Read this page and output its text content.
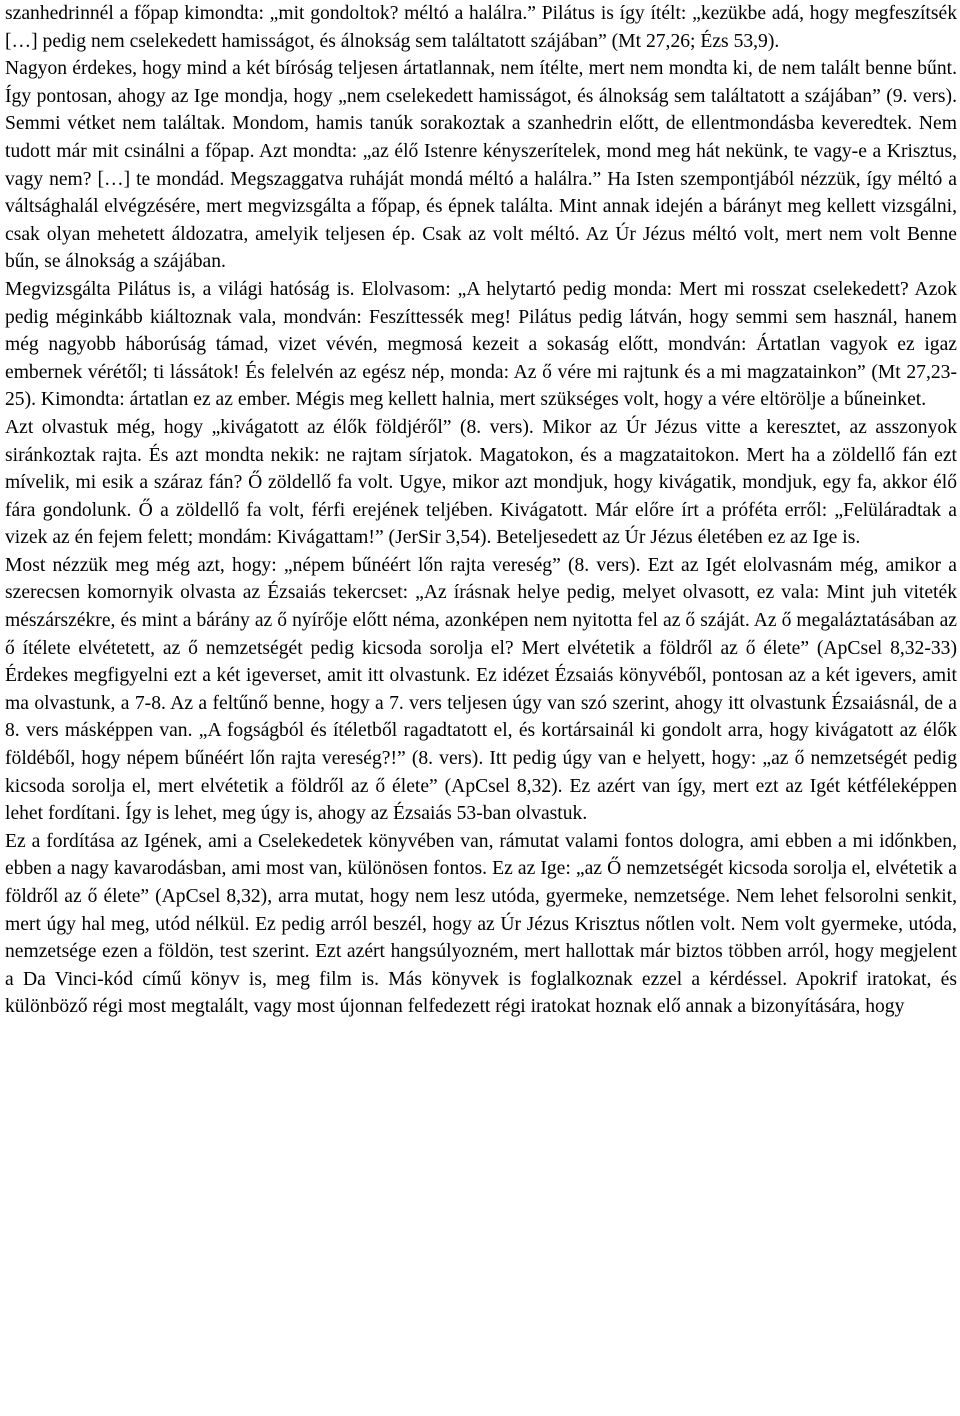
szanhedrinnél a főpap kimondta: „mit gondoltok? méltó a halálra.” Pilátus is így ítélt: „kezükbe adá, hogy megfeszítsék […] pedig nem cselekedett hamisságot, és álnokság sem találtatott szájában” (Mt 27,26; Ézs 53,9).

Nagyon érdekes, hogy mind a két bíróság teljesen ártatlannak, nem ítélte, mert nem mondta ki, de nem talált benne bűnt. Így pontosan, ahogy az Ige mondja, hogy „nem cselekedett hamisságot, és álnokság sem találtatott a szájában” (9. vers). Semmi vétket nem találtak. Mondom, hamis tanúk sorakoztak a szanhedrin előtt, de ellentmondásba keveredtek. Nem tudott már mit csinálni a főpap. Azt mondta: „az élő Istenre kényszerítelek, mond meg hát nekünk, te vagy-e a Krisztus, vagy nem? […] te mondád. Megszaggatva ruháját mondá méltó a halálra.” Ha Isten szempontjából nézzük, így méltó a váltsághalál elvégzésére, mert megvizsgálta a főpap, és épnek találta. Mint annak idején a bárányt meg kellett vizsgálni, csak olyan mehetett áldozatra, amelyik teljesen ép. Csak az volt méltó. Az Úr Jézus méltó volt, mert nem volt Benne bűn, se álnokság a szájában.

Megvizsgálta Pilátus is, a világi hatóság is. Elolvasom: „A helytartó pedig monda: Mert mi rosszat cselekedett? Azok pedig méginkább kiáltoznak vala, mondván: Feszíttessék meg! Pilátus pedig látván, hogy semmi sem használ, hanem még nagyobb háborúság támad, vizet vévén, megmosá kezeit a sokaság előtt, mondván: Ártatlan vagyok ez igaz embernek vérétől; ti lássátok! És felelvén az egész nép, monda: Az ő vére mi rajtunk és a mi magzatainkon” (Mt 27,23-25). Kimondta: ártatlan ez az ember. Mégis meg kellett halnia, mert szükséges volt, hogy a vére eltörölje a bűneinket.

Azt olvastuk még, hogy „kivágatott az élők földjéről” (8. vers). Mikor az Úr Jézus vitte a keresztet, az asszonyok siránkoztak rajta. És azt mondta nekik: ne rajtam sírjatok. Magatokon, és a magzataitokon. Mert ha a zöldellő fán ezt mívelik, mi esik a száraz fán? Ő zöldellő fa volt. Ugye, mikor azt mondjuk, hogy kivágatik, mondjuk, egy fa, akkor élő fára gondolunk. Ő a zöldellő fa volt, férfi erejének teljében. Kivágatott. Már előre írt a próféta erről: „Felüláradtak a vizek az én fejem felett; mondám: Kivágattam!” (JerSir 3,54). Beteljesedett az Úr Jézus életében ez az Ige is.

Most nézzük meg még azt, hogy: „népem bűnéért lőn rajta vereség” (8. vers). Ezt az Igét elolvasnám még, amikor a szerecsen komornyik olvasta az Ézsaiás tekercset: „Az írásnak helye pedig, melyet olvasott, ez vala: Mint juh viteték mészárszékre, és mint a bárány az ő nyírője előtt néma, azonképen nem nyitotta fel az ő száját. Az ő megaláztatásában az ő ítélete elvétetett, az ő nemzetségét pedig kicsoda sorolja el? Mert elvétetik a földről az ő élete” (ApCsel 8,32-33) Érdekes megfigyelni ezt a két igeverset, amit itt olvastunk. Ez idézet Ézsaiás könyvéből, pontosan az a két igevers, amit ma olvastunk, a 7-8. Az a feltűnő benne, hogy a 7. vers teljesen úgy van szó szerint, ahogy itt olvastunk Ézsaiásnál, de a 8. vers másképpen van. „A fogságból és ítéletből ragadtatott el, és kortársainál ki gondolt arra, hogy kivágatott az élők földéből, hogy népem bűnéért lőn rajta vereség?!” (8. vers). Itt pedig úgy van e helyett, hogy: „az ő nemzetségét pedig kicsoda sorolja el, mert elvétetik a földről az ő élete” (ApCsel 8,32). Ez azért van így, mert ezt az Igét kétféleképpen lehet fordítani. Így is lehet, meg úgy is, ahogy az Ézsaiás 53-ban olvastuk.

Ez a fordítása az Igének, ami a Cselekedetek könyvében van, rámutat valami fontos dologra, ami ebben a mi időnkben, ebben a nagy kavarodásban, ami most van, különösen fontos. Ez az Ige: „az Ő nemzetségét kicsoda sorolja el, elvétetik a földről az ő élete” (ApCsel 8,32), arra mutat, hogy nem lesz utóda, gyermeke, nemzetsége. Nem lehet felsorolni senkit, mert úgy hal meg, utód nélkül. Ez pedig arról beszél, hogy az Úr Jézus Krisztus nőtlen volt. Nem volt gyermeke, utóda, nemzetsége ezen a földön, test szerint. Ezt azért hangsúlyozném, mert hallottak már biztos többen arról, hogy megjelent a Da Vinci-kód című könyv is, meg film is. Más könyvek is foglalkoznak ezzel a kérdéssel. Apokrif iratokat, és különböző régi most megtalált, vagy most újonnan felfedezett régi iratokat hoznak elő annak a bizonyítására, hogy
